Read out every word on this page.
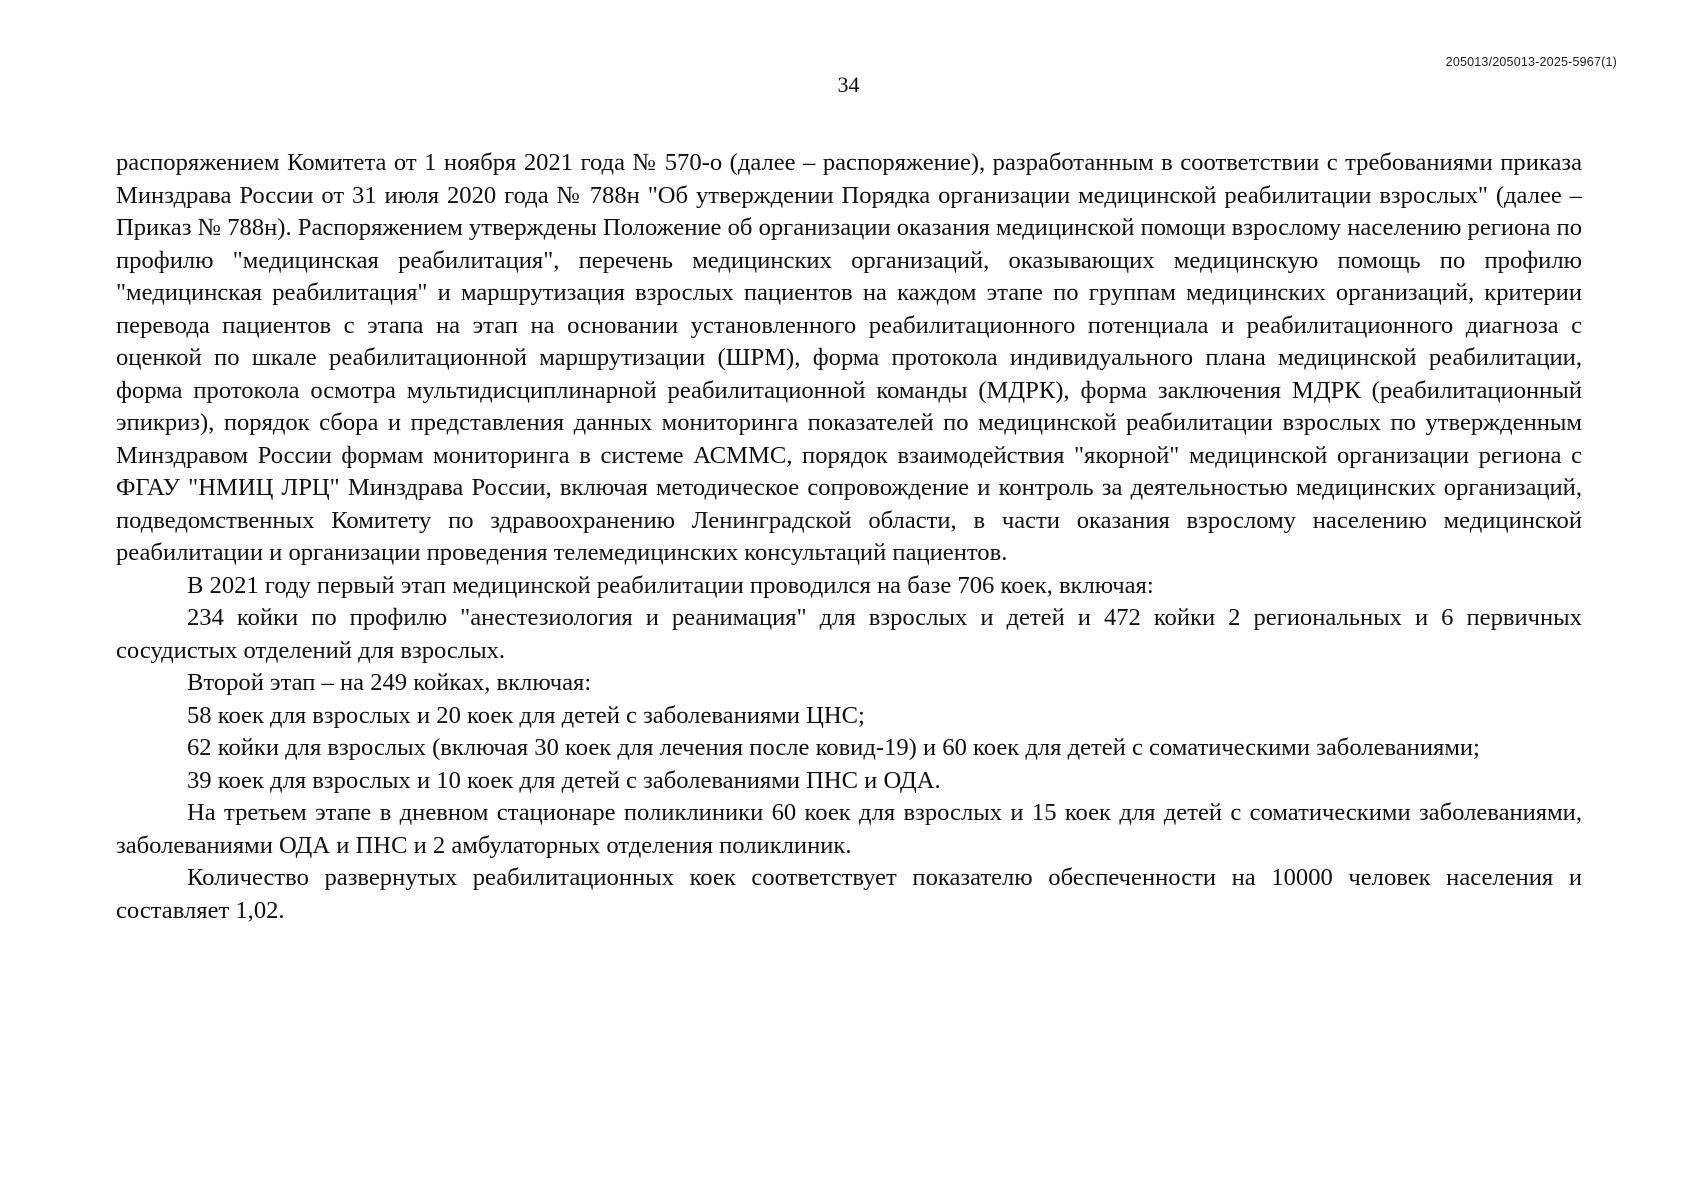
205013/205013-2025-5967(1)
34

распоряжением Комитета от 1 ноября 2021 года № 570-о (далее – распоряжение), разработанным в соответствии с требованиями приказа Минздрава России от 31 июля 2020 года № 788н "Об утверждении Порядка организации медицинской реабилитации взрослых" (далее – Приказ № 788н). Распоряжением утверждены Положение об организации оказания медицинской помощи взрослому населению региона по профилю "медицинская реабилитация", перечень медицинских организаций, оказывающих медицинскую помощь по профилю "медицинская реабилитация" и маршрутизация взрослых пациентов на каждом этапе по группам медицинских организаций, критерии перевода пациентов с этапа на этап на основании установленного реабилитационного потенциала и реабилитационного диагноза с оценкой по шкале реабилитационной маршрутизации (ШРМ), форма протокола индивидуального плана медицинской реабилитации, форма протокола осмотра мультидисциплинарной реабилитационной команды (МДРК), форма заключения МДРК (реабилитационный эпикриз), порядок сбора и представления данных мониторинга показателей по медицинской реабилитации взрослых по утвержденным Минздравом России формам мониторинга в системе АСММС, порядок взаимодействия "якорной" медицинской организации региона с ФГАУ "НМИЦ ЛРЦ" Минздрава России, включая методическое сопровождение и контроль за деятельностью медицинских организаций, подведомственных Комитету по здравоохранению Ленинградской области, в части оказания взрослому населению медицинской реабилитации и организации проведения телемедицинских консультаций пациентов.

В 2021 году первый этап медицинской реабилитации проводился на базе 706 коек, включая:

234 койки по профилю "анестезиология и реанимация" для взрослых и детей и 472 койки 2 региональных и 6 первичных сосудистых отделений для взрослых.

Второй этап – на 249 койках, включая:

58 коек для взрослых и 20 коек для детей с заболеваниями ЦНС;

62 койки для взрослых (включая 30 коек для лечения после ковид-19) и 60 коек для детей с соматическими заболеваниями;

39 коек для взрослых и 10 коек для детей с заболеваниями ПНС и ОДА.

На третьем этапе в дневном стационаре поликлиники 60 коек для взрослых и 15 коек для детей с соматическими заболеваниями, заболеваниями ОДА и ПНС и 2 амбулаторных отделения поликлиник.

Количество развернутых реабилитационных коек соответствует показателю обеспеченности на 10000 человек населения и составляет 1,02.
